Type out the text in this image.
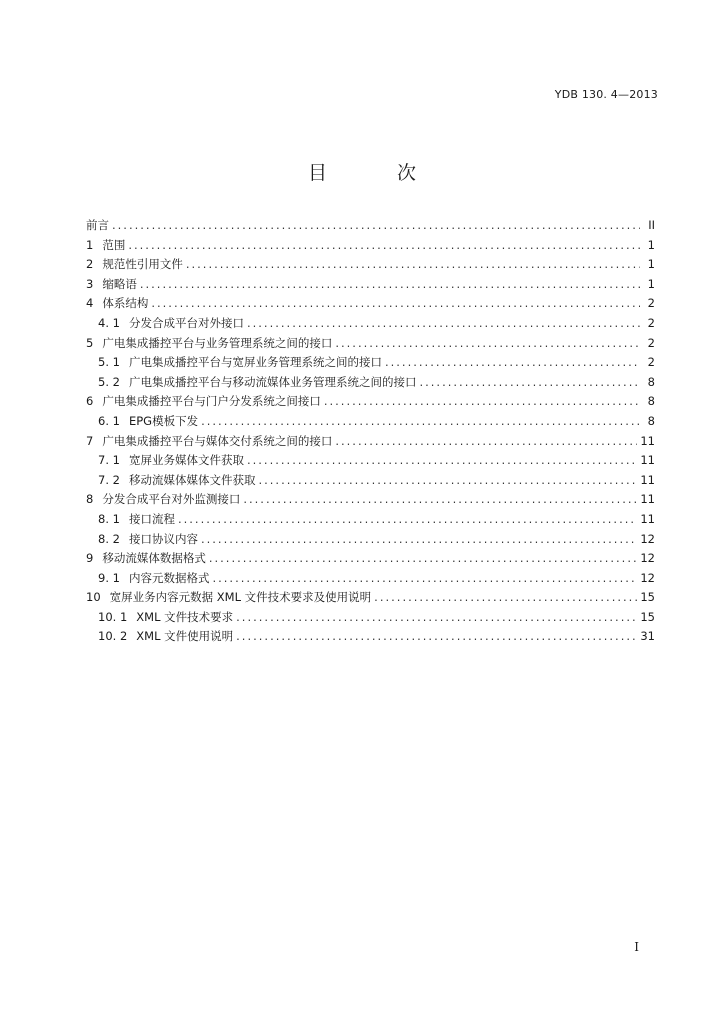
YDB 130. 4—2013
目 次
前言 .....	II
1 范围 .....	1
2 规范性引用文件 .....	1
3 缩略语 .....	1
4 体系结构 .....	2
4. 1 分发合成平台对外接口 .....	2
5 广电集成播控平台与业务管理系统之间的接口 .....	2
5. 1 广电集成播控平台与宽屏业务管理系统之间的接口 .....	2
5. 2 广电集成播控平台与移动流媒体业务管理系统之间的接口 .....	8
6 广电集成播控平台与门户分发系统之间接口 .....	8
6. 1 EPG模板下发 .....	8
7 广电集成播控平台与媒体交付系统之间的接口 .....	11
7. 1 宽屏业务媒体文件获取 .....	11
7. 2 移动流媒体媒体文件获取 .....	11
8 分发合成平台对外监测接口 .....	11
8. 1 接口流程 .....	11
8. 2 接口协议内容 .....	12
9 移动流媒体数据格式 .....	12
9. 1 内容元数据格式 .....	12
10 宽屏业务内容元数据 XML 文件技术要求及使用说明 .....	15
10. 1 XML 文件技术要求 .....	15
10. 2 XML 文件使用说明 .....	31
I
